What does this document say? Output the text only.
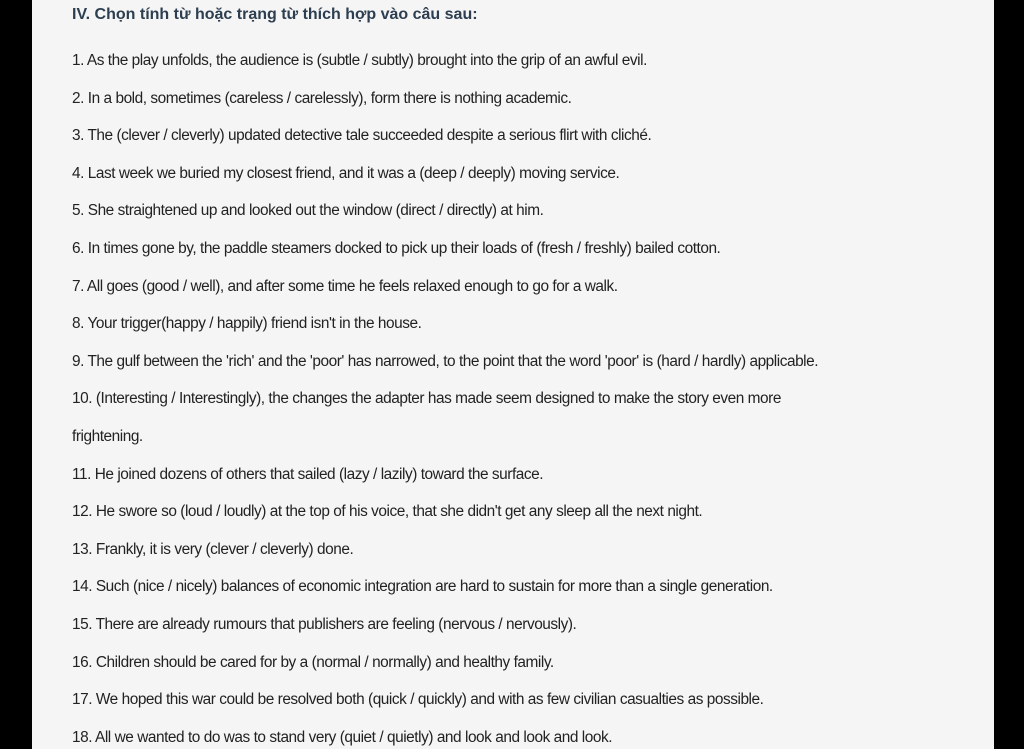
IV. Chọn tính từ hoặc trạng từ thích hợp vào câu sau:
1. As the play unfolds, the audience is (subtle / subtly) brought into the grip of an awful evil.
2. In a bold, sometimes (careless / carelessly), form there is nothing academic.
3. The (clever / cleverly) updated detective tale succeeded despite a serious flirt with cliché.
4. Last week we buried my closest friend, and it was a (deep / deeply) moving service.
5. She straightened up and looked out the window (direct / directly) at him.
6. In times gone by, the paddle steamers docked to pick up their loads of (fresh / freshly) bailed cotton.
7. All goes (good / well), and after some time he feels relaxed enough to go for a walk.
8. Your trigger(happy / happily) friend isn't in the house.
9. The gulf between the 'rich' and the 'poor' has narrowed, to the point that the word 'poor' is (hard / hardly) applicable.
10. (Interesting / Interestingly), the changes the adapter has made seem designed to make the story even more
frightening.
11. He joined dozens of others that sailed (lazy / lazily) toward the surface.
12. He swore so (loud / loudly) at the top of his voice, that she didn't get any sleep all the next night.
13. Frankly, it is very (clever / cleverly) done.
14. Such (nice / nicely) balances of economic integration are hard to sustain for more than a single generation.
15. There are already rumours that publishers are feeling (nervous / nervously).
16. Children should be cared for by a (normal / normally) and healthy family.
17. We hoped this war could be resolved both (quick / quickly) and with as few civilian casualties as possible.
18. All we wanted to do was to stand very (quiet / quietly) and look and look and look.
